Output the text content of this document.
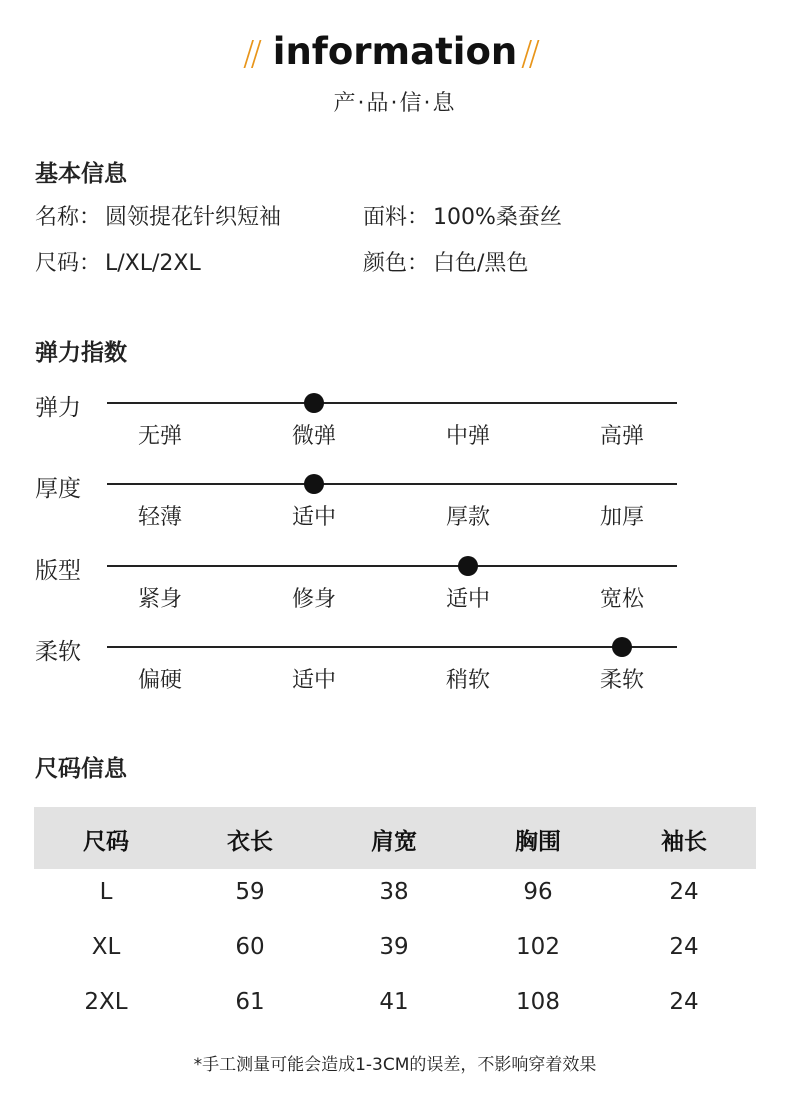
// information //
产·品·信·息
基本信息
名称： 圆领提花针织短袖	面料： 100%桑蚕丝
尺码： L/XL/2XL	颜色： 白色/黑色
弹力指数
弹力
无弹	微弹	中弹	高弹
厚度
轻薄	适中	厚款	加厚
版型
紧身	修身	适中	宽松
柔软
偏硬	适中	稍软	柔软
尺码信息
尺码	衣长	肩宽	胸围	袖长
L	59	38	96	24
XL	60	39	102	24
2XL	61	41	108	24
*手工测量可能会造成1-3CM的误差，不影响穿着效果
